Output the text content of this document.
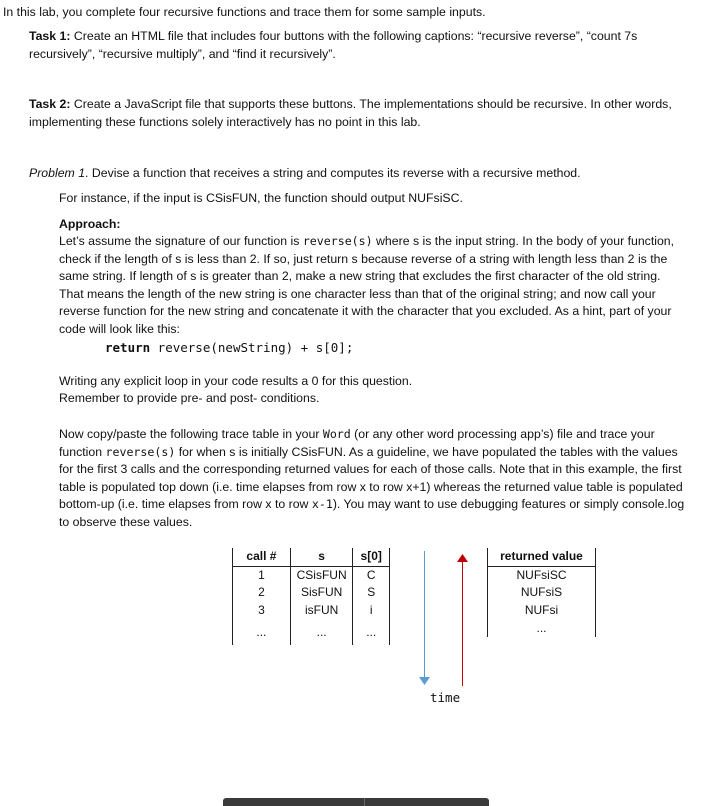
In this lab, you complete four recursive functions and trace them for some sample inputs.

Task 1: Create an HTML file that includes four buttons with the following captions: “recursive reverse”, “count 7s recursively”, “recursive multiply”, and “find it recursively”.

Task 2: Create a JavaScript file that supports these buttons. The implementations should be recursive. In other words, implementing these functions solely interactively has no point in this lab.

Problem 1. Devise a function that receives a string and computes its reverse with a recursive method.

For instance, if the input is CSisFUN, the function should output NUFsiSC.

Approach:

Let’s assume the signature of our function is reverse(s) where s is the input string. In the body of your function, check if the length of s is less than 2. If so, just return s because reverse of a string with length less than 2 is the same string. If length of s is greater than 2, make a new string that excludes the first character of the old string. That means the length of the new string is one character less than that of the original string; and now call your reverse function for the new string and concatenate it with the character that you excluded. As a hint, part of your code will look like this:

return reverse(newString) + s[0];

Writing any explicit loop in your code results a 0 for this question.

Remember to provide pre- and post- conditions.

Now copy/paste the following trace table in your Word (or any other word processing app’s) file and trace your function reverse(s) for when s is initially CSisFUN. As a guideline, we have populated the tables with the values for the first 3 calls and the corresponding returned values for each of those calls. Note that in this example, the first table is populated top down (i.e. time elapses from row x to row x+1) whereas the returned value table is populated bottom-up (i.e. time elapses from row x to row x-1). You may want to use debugging features or simply console.log to observe these values.

call #	s	s[0]
1	CSisFUN	C
2	SisFUN	S
3	isFUN	i
...	...	...

time

returned value
NUFsiSC
NUFsiS
NUFsi
...
